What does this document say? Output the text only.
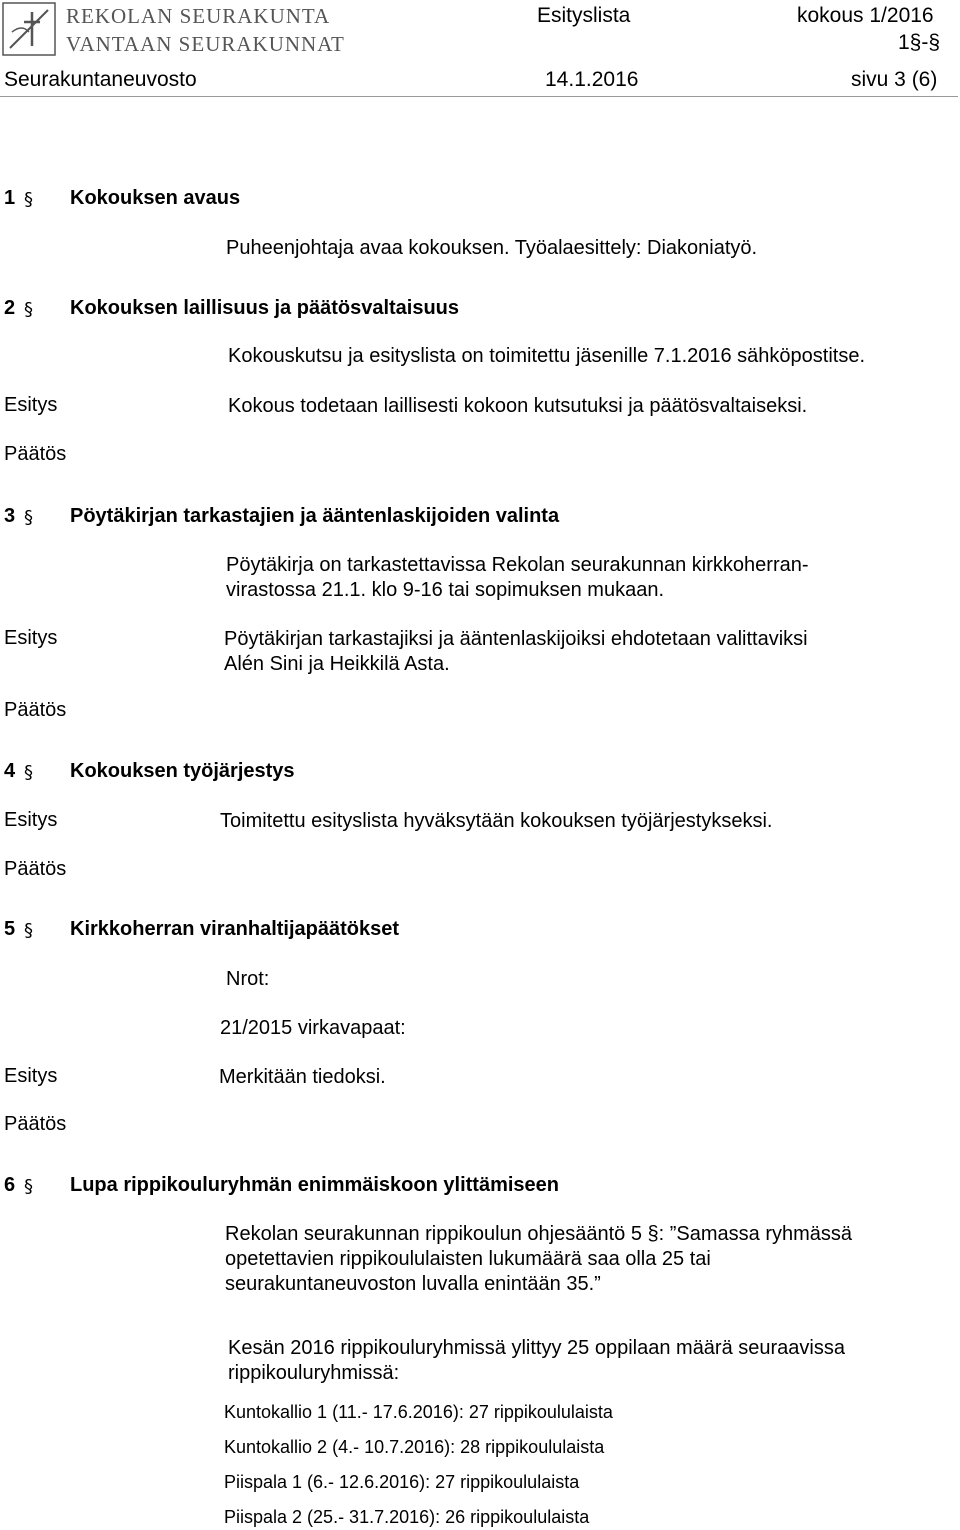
REKOLAN SEURAKUNTA
VANTAAN SEURAKUNNAT
Esityslista	kokous 1/2016
1§-§
Seurakuntaneuvosto	14.1.2016	sivu 3 (6)
1 § Kokouksen avaus
Puheenjohtaja avaa kokouksen. Työalaesittely: Diakoniatyö.
2 § Kokouksen laillisuus ja päätösvaltaisuus
Kokouskutsu ja esityslista on toimitettu jäsenille 7.1.2016 sähköpostitse.
Esitys	Kokous todetaan laillisesti kokoon kutsutuksi ja päätösvaltaiseksi.
Päätös
3 § Pöytäkirjan tarkastajien ja ääntenlaskijoiden valinta
Pöytäkirja on tarkastettavissa Rekolan seurakunnan kirkkoherran-
virastossa 21.1. klo 9-16 tai sopimuksen mukaan.
Esitys	Pöytäkirjan tarkastajiksi ja ääntenlaskijoiksi ehdotetaan valittaviksi
Alén Sini ja Heikkilä Asta.
Päätös
4 § Kokouksen työjärjestys
Esitys	Toimitettu esityslista hyväksytään kokouksen työjärjestykseksi.
Päätös
5 § Kirkkoherran viranhaltijapäätökset
Nrot:
21/2015 virkavapaat:
Esitys	Merkitään tiedoksi.
Päätös
6 § Lupa rippikouluryhmän enimmäiskoon ylittämiseen
Rekolan seurakunnan rippikoulun ohjesääntö 5 §: ”Samassa ryhmässä
opetettavien rippikoululaisten lukumäärä saa olla 25 tai
seurakuntaneuvoston luvalla enintään 35.”
Kesän 2016 rippikouluryhmissä ylittyy 25 oppilaan määrä seuraavissa
rippikouluryhmissä:
Kuntokallio 1 (11.- 17.6.2016): 27 rippikoululaista
Kuntokallio 2 (4.- 10.7.2016): 28 rippikoululaista
Piispala 1 (6.- 12.6.2016): 27 rippikoululaista
Piispala 2 (25.- 31.7.2016): 26 rippikoululaista
